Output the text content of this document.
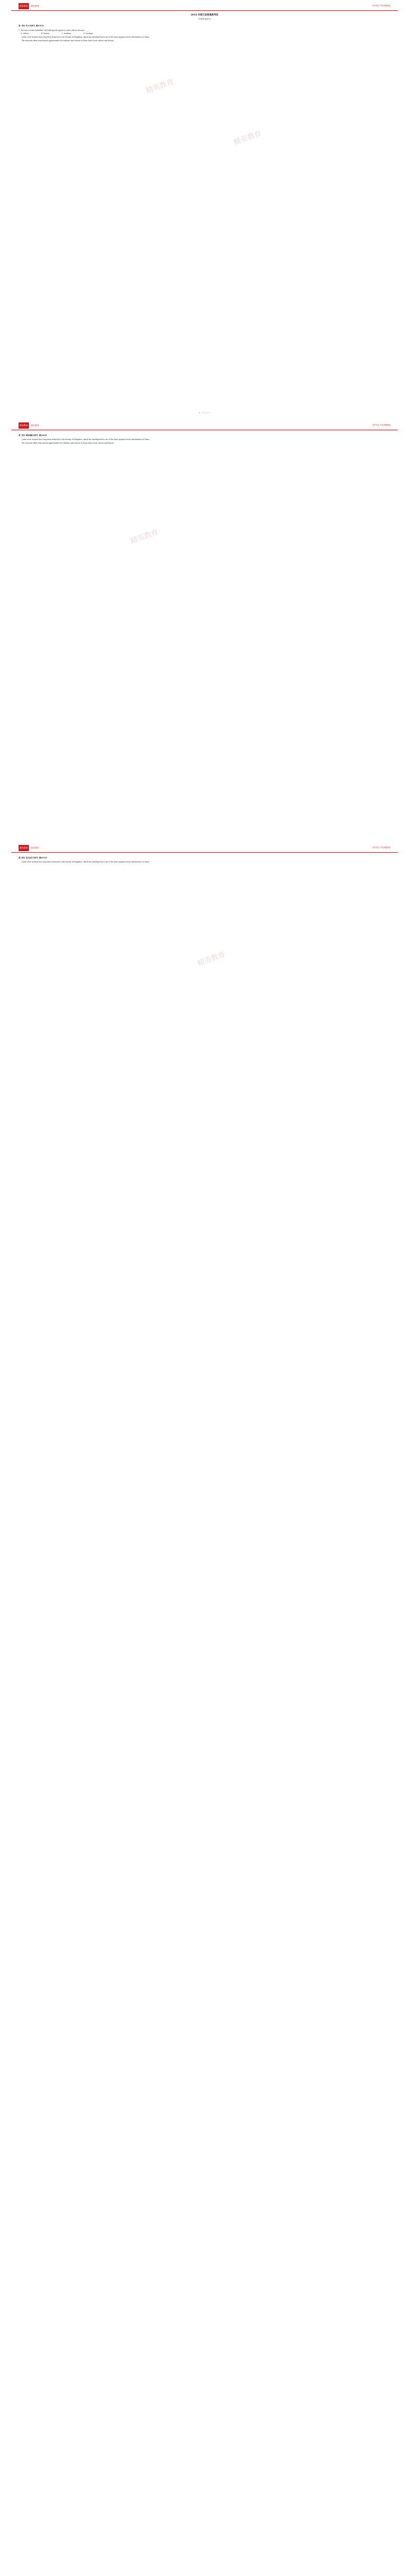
精英教育	精英教育	高考英语 考试真题精选
2016 年浙江省普通高考试
(外语听说部分)
第一部分 听力(共两节, 满分30分)
1. The tours of the Forbidden City hold special appeal to some visitors because _____
A. culture	B. history	C. tradition	D. heritage
Quite a few tourists have long been attracted to the beauty of Hangzhou, which has developed into one of the most popular tourist destinations in China.
The museum offers educational opportunities for students and visitors to learn about local culture and history.
精英教育
精英教育
第 1 页 共 10 页
精英教育	精英教育	高考英语 考试真题精选
第二部分 阅读理解(共两节, 满分40分)
Quite a few tourists have long been attracted to the beauty of Hangzhou, which has developed into one of the most popular tourist destinations in China.
The museum offers educational opportunities for students and visitors to learn about local culture and history.
精英教育
精英教育	精英教育	高考英语 考试真题精选
第三部分 语言运用(共两节, 满分45分)
Quite a few tourists have long been attracted to the beauty of Hangzhou, which has developed into one of the most popular tourist destinations in China.
精英教育
